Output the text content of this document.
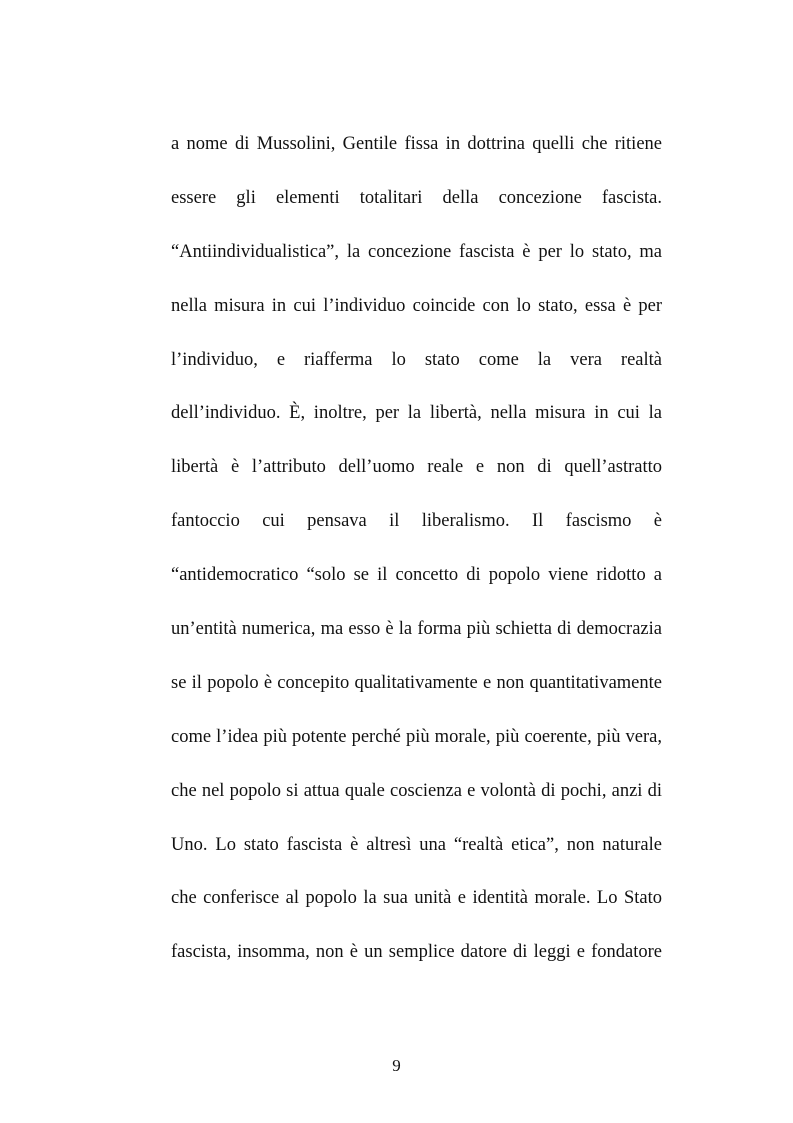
a nome di Mussolini, Gentile fissa in dottrina quelli che ritiene
essere gli elementi totalitari della concezione fascista.
“Antiindividualistica”, la concezione fascista è per lo stato, ma
nella misura in cui l’individuo coincide con lo stato, essa è per
l’individuo, e riafferma lo stato come la vera realtà
dell’individuo. È, inoltre, per la libertà, nella misura in cui la
libertà è l’attributo dell’uomo reale e non di quell’astratto
fantoccio cui pensava il liberalismo. Il fascismo è
“antidemocratico “solo se il concetto di popolo viene ridotto a
un’entità numerica, ma esso è la forma più schietta di democrazia
se il popolo è concepito qualitativamente e non quantitativamente
come l’idea più potente perché più morale, più coerente, più vera,
che nel popolo si attua quale coscienza e volontà di pochi, anzi di
Uno. Lo stato fascista è altresì una “realtà etica”, non naturale
che conferisce al popolo la sua unità e identità morale. Lo Stato
fascista, insomma, non è un semplice datore di leggi e fondatore
9
